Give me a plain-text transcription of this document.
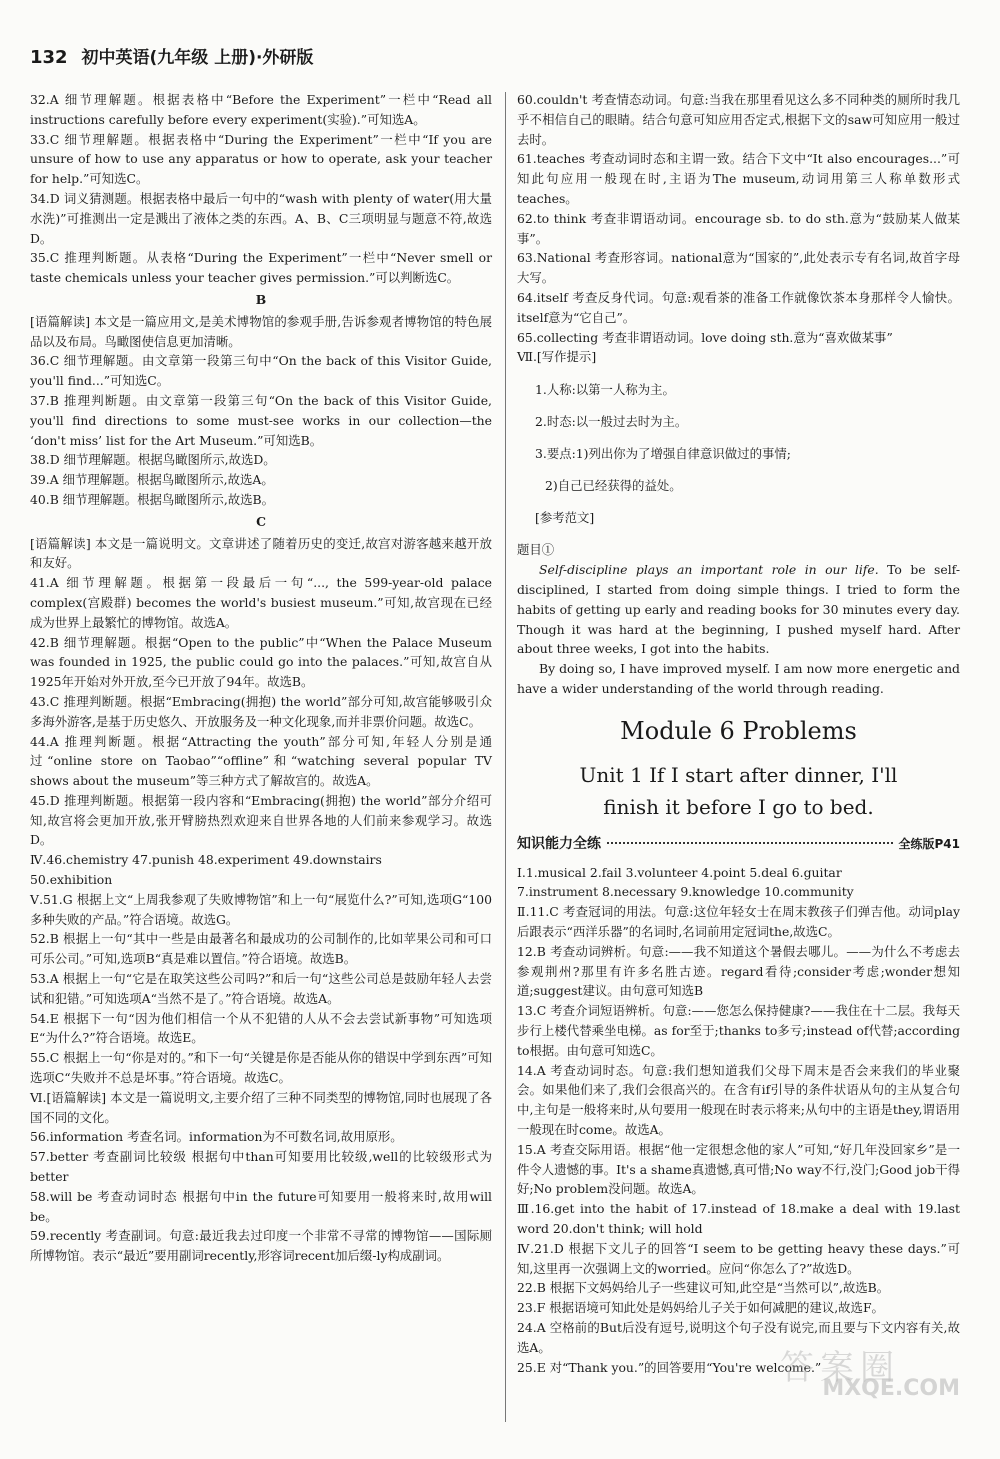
132 初中英语(九年级 上册)·外研版

32.A 细节理解题。根据表格中“Before the Experiment”一栏中“Read all instructions carefully before every experiment(实验).”可知选A。

33.C 细节理解题。根据表格中“During the Experiment”一栏中“If you are unsure of how to use any apparatus or how to operate, ask your teacher for help.”可知选C。

34.D 词义猜测题。根据表格中最后一句中的“wash with plenty of water(用大量水洗)”可推测出一定是溅出了液体之类的东西。A、B、C三项明显与题意不符,故选D。

35.C 推理判断题。从表格“During the Experiment”一栏中“Never smell or taste chemicals unless your teacher gives permission.”可以判断选C。

B

[语篇解读] 本文是一篇应用文,是美术博物馆的参观手册,告诉参观者博物馆的特色展品以及布局。鸟瞰图使信息更加清晰。

36.C 细节理解题。由文章第一段第三句中“On the back of this Visitor Guide, you'll find...”可知选C。

37.B 推理判断题。由文章第一段第三句“On the back of this Visitor Guide, you'll find directions to some must-see works in our collection—the ‘don't miss’ list for the Art Museum.”可知选B。

38.D 细节理解题。根据鸟瞰图所示,故选D。

39.A 细节理解题。根据鸟瞰图所示,故选A。

40.B 细节理解题。根据鸟瞰图所示,故选B。

C

[语篇解读] 本文是一篇说明文。文章讲述了随着历史的变迁,故宫对游客越来越开放和友好。

41.A 细节理解题。根据第一段最后一句“..., the 599-year-old palace complex(宫殿群) becomes the world's busiest museum.”可知,故宫现在已经成为世界上最繁忙的博物馆。故选A。

42.B 细节理解题。根据“Open to the public”中“When the Palace Museum was founded in 1925, the public could go into the palaces.”可知,故宫自从1925年开始对外开放,至今已开放了94年。故选B。

43.C 推理判断题。根据“Embracing(拥抱) the world”部分可知,故宫能够吸引众多海外游客,是基于历史悠久、开放服务及一种文化现象,而并非票价问题。故选C。

44.A 推理判断题。根据“Attracting the youth”部分可知,年轻人分别是通过“online store on Taobao”“offline”和“watching several popular TV shows about the museum”等三种方式了解故宫的。故选A。

45.D 推理判断题。根据第一段内容和“Embracing(拥抱) the world”部分介绍可知,故宫将会更加开放,张开臂膀热烈欢迎来自世界各地的人们前来参观学习。故选D。

Ⅳ.46.chemistry 47.punish 48.experiment 49.downstairs

50.exhibition

Ⅴ.51.G 根据上文“上周我参观了失败博物馆”和上一句“展览什么?”可知,选项G“100多种失败的产品。”符合语境。故选G。

52.B 根据上一句“其中一些是由最著名和最成功的公司制作的,比如苹果公司和可口可乐公司。”可知,选项B“真是难以置信。”符合语境。故选B。

53.A 根据上一句“它是在取笑这些公司吗?”和后一句“这些公司总是鼓励年轻人去尝试和犯错。”可知选项A“当然不是了。”符合语境。故选A。

54.E 根据下一句“因为他们相信一个从不犯错的人从不会去尝试新事物”可知选项E“为什么?”符合语境。故选E。

55.C 根据上一句“你是对的。”和下一句“关键是你是否能从你的错误中学到东西”可知选项C“失败并不总是坏事。”符合语境。故选C。

Ⅵ.[语篇解读] 本文是一篇说明文,主要介绍了三种不同类型的博物馆,同时也展现了各国不同的文化。

56.information 考查名词。information为不可数名词,故用原形。

57.better 考查副词比较级 根据句中than可知要用比较级,well的比较级形式为better

58.will be 考查动词时态 根据句中in the future可知要用一般将来时,故用will be。

59.recently 考查副词。句意:最近我去过印度一个非常不寻常的博物馆——国际厕所博物馆。表示“最近”要用副词recently,形容词recent加后缀-ly构成副词。

60.couldn't 考查情态动词。句意:当我在那里看见这么多不同种类的厕所时我几乎不相信自己的眼睛。结合句意可知应用否定式,根据下文的saw可知应用一般过去时。

61.teaches 考查动词时态和主谓一致。结合下文中“It also encourages...”可知此句应用一般现在时,主语为The museum,动词用第三人称单数形式teaches。

62.to think 考查非谓语动词。encourage sb. to do sth.意为“鼓励某人做某事”。

63.National 考查形容词。national意为“国家的”,此处表示专有名词,故首字母大写。

64.itself 考查反身代词。句意:观看茶的准备工作就像饮茶本身那样令人愉快。itself意为“它自己”。

65.collecting 考查非谓语动词。love doing sth.意为“喜欢做某事”

Ⅶ.[写作提示]

1.人称:以第一人称为主。

2.时态:以一般过去时为主。

3.要点:1)列出你为了增强自律意识做过的事情;

2)自己已经获得的益处。

[参考范文]

题目①

Self-discipline plays an important role in our life. To be self-disciplined, I started from doing simple things. I tried to form the habits of getting up early and reading books for 30 minutes every day. Though it was hard at the beginning, I pushed myself hard. After about three weeks, I got into the habits.

By doing so, I have improved myself. I am now more energetic and have a wider understanding of the world through reading.

Module 6 Problems

Unit 1 If I start after dinner, I'll

finish it before I go to bed.

知识能力全练	全练版P41

Ⅰ.1.musical 2.fail 3.volunteer 4.point 5.deal 6.guitar

7.instrument 8.necessary 9.knowledge 10.community

Ⅱ.11.C 考查冠词的用法。句意:这位年轻女士在周末教孩子们弹吉他。动词play后跟表示“西洋乐器”的名词时,名词前用定冠词the,故选C。

12.B 考查动词辨析。句意:——我不知道这个暑假去哪儿。——为什么不考虑去参观荆州?那里有许多名胜古迹。regard看待;consider考虑;wonder想知道;suggest建议。由句意可知选B

13.C 考查介词短语辨析。句意:——您怎么保持健康?——我住在十二层。我每天步行上楼代替乘坐电梯。as for至于;thanks to多亏;instead of代替;according to根据。由句意可知选C。

14.A 考查动词时态。句意:我们想知道我们父母下周末是否会来我们的毕业聚会。如果他们来了,我们会很高兴的。在含有if引导的条件状语从句的主从复合句中,主句是一般将来时,从句要用一般现在时表示将来;从句中的主语是they,谓语用一般现在时come。故选A。

15.A 考查交际用语。根据“他一定很想念他的家人”可知,“好几年没回家乡”是一件令人遗憾的事。It's a shame真遗憾,真可惜;No way不行,没门;Good job干得好;No problem没问题。故选A。

Ⅲ.16.get into the habit of 17.instead of 18.make a deal with 19.last word 20.don't think; will hold

Ⅳ.21.D 根据下文儿子的回答“I seem to be getting heavy these days.”可知,这里再一次强调上文的worried。应问“你怎么了?”故选D。

22.B 根据下文妈妈给儿子一些建议可知,此空是“当然可以”,故选B。

23.F 根据语境可知此处是妈妈给儿子关于如何减肥的建议,故选F。

24.A 空格前的But后没有逗号,说明这个句子没有说完,而且要与下文内容有关,故选A。

25.E 对“Thank you.”的回答要用“You're welcome.”

答案圈
MXQE.COM
